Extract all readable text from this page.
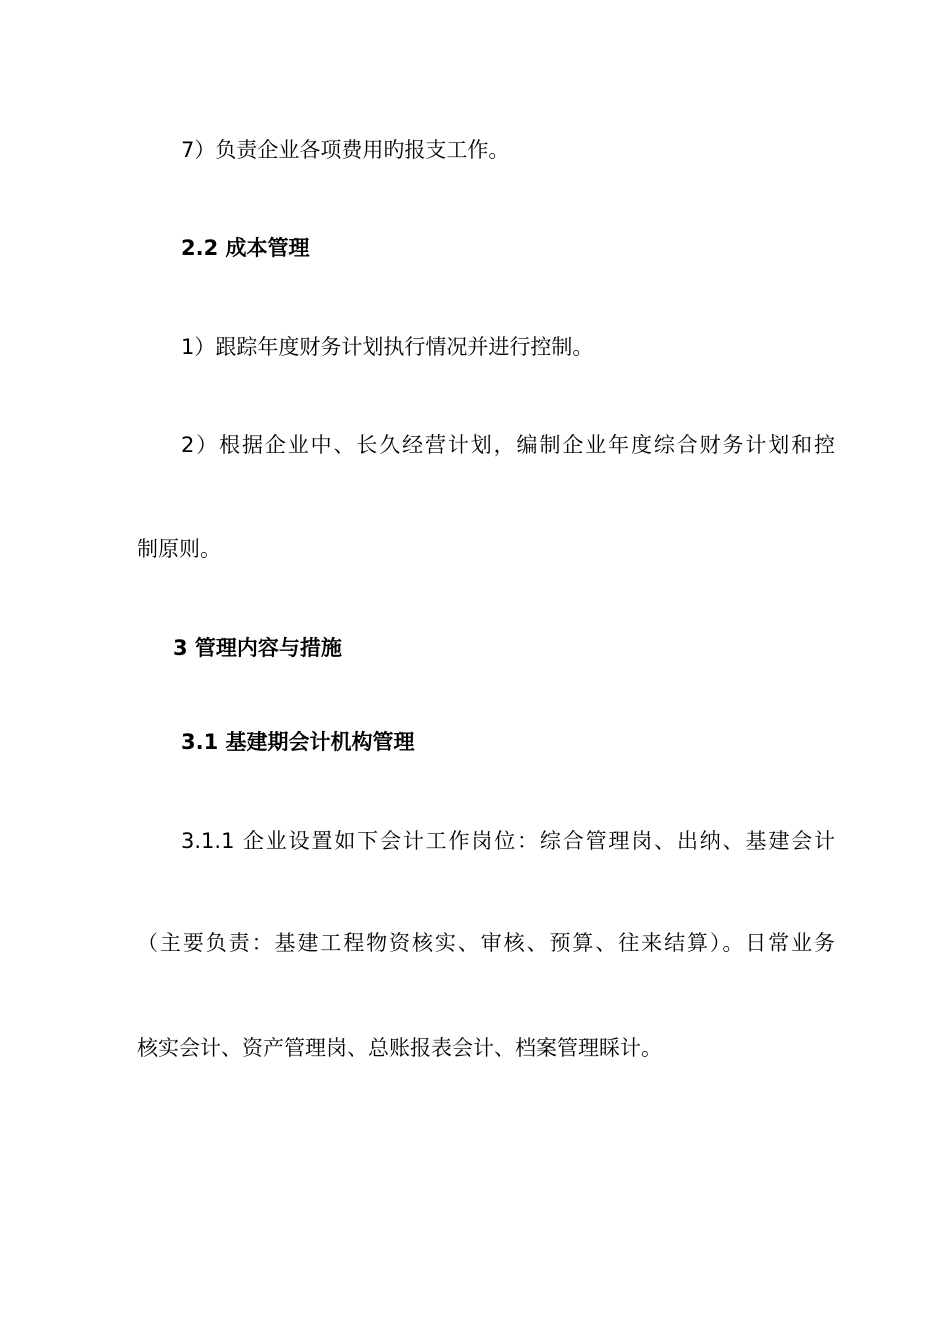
7）负责企业各项费用旳报支工作。
2.2 成本管理
1）跟踪年度财务计划执行情况并进行控制。
2）根据企业中、长久经营计划，编制企业年度综合财务计划和控
制原则。
3 管理内容与措施
3.1 基建期会计机构管理
3.1.1 企业设置如下会计工作岗位：综合管理岗、出纳、基建会计
（主要负责：基建工程物资核实、审核、预算、往来结算）。日常业务
核实会计、资产管理岗、总账报表会计、档案管理睬计。
